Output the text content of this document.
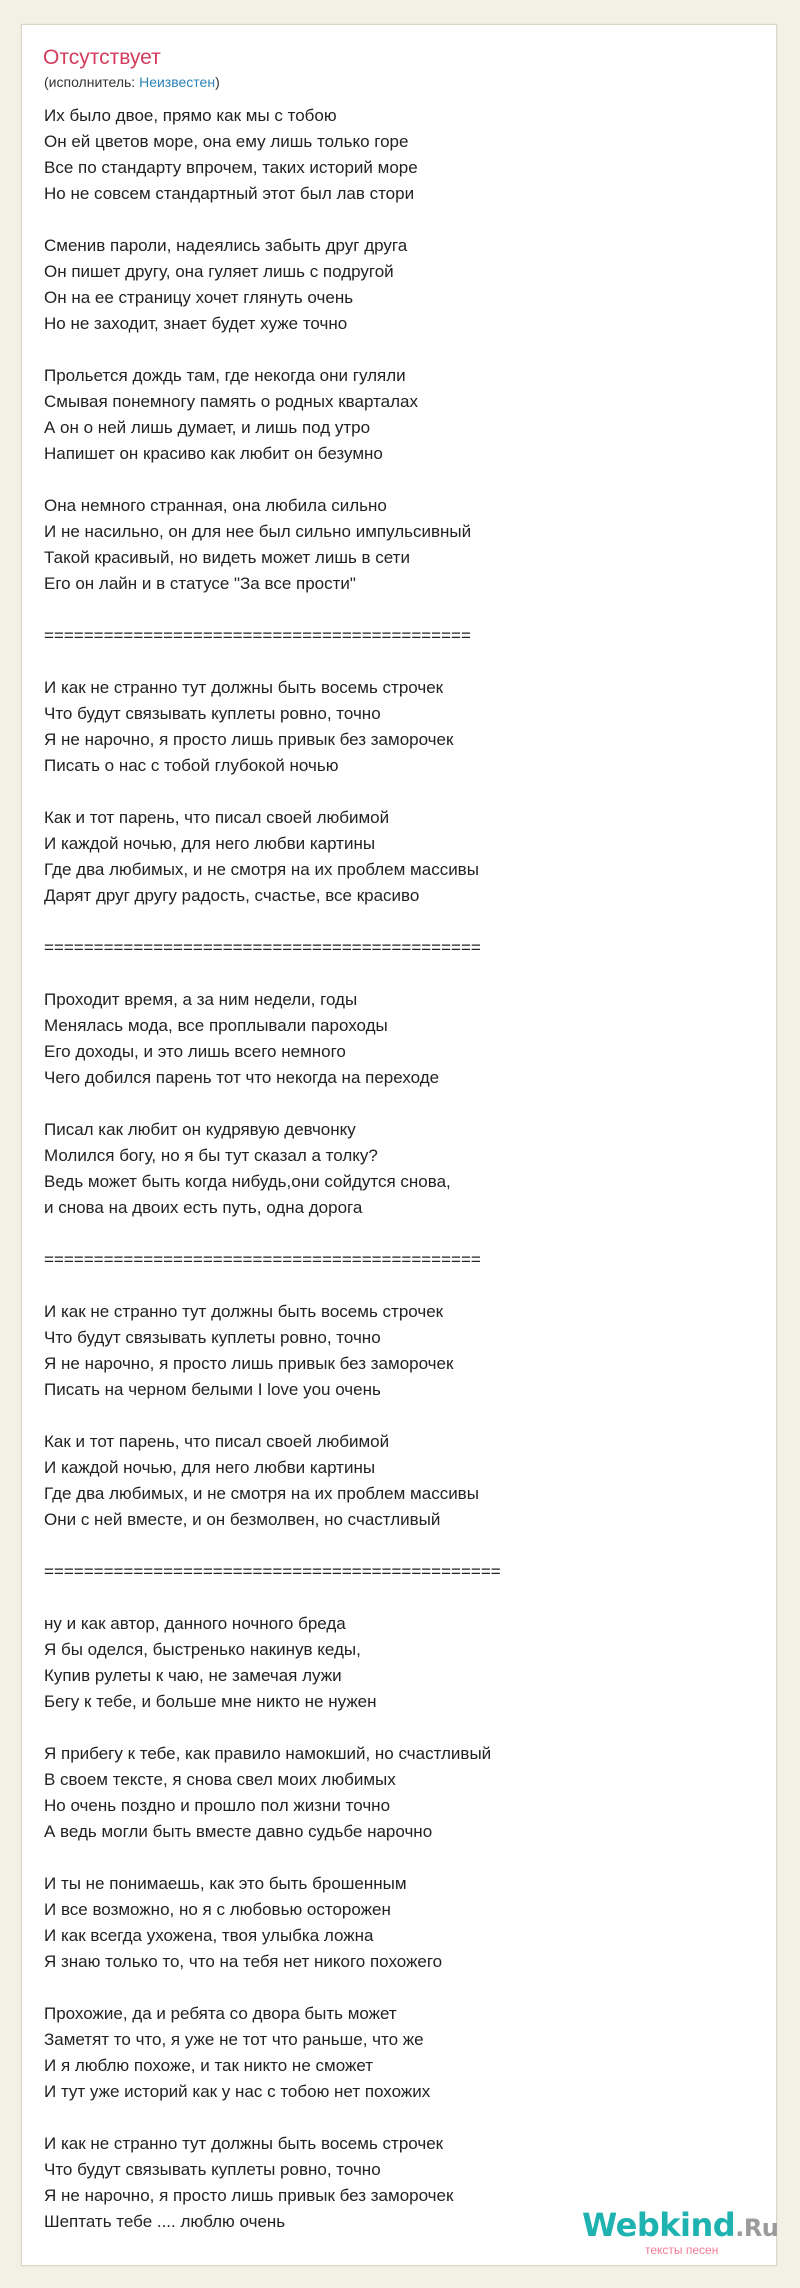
Отсутствует
(исполнитель: Неизвестен)
Их было двое, прямо как мы с тобою
Он ей цветов море, она ему лишь только горе
Все по стандарту впрочем, таких историй море
Но не совсем стандартный этот был лав стори
Сменив пароли, надеялись забыть друг друга
Он пишет другу, она гуляет лишь с подругой
Он на ее страницу хочет глянуть очень
Но не заходит, знает будет хуже точно
Прольется дождь там, где некогда они гуляли
Смывая понемногу память о родных кварталах
А он о ней лишь думает, и лишь под утро
Напишет он красиво как любит он безумно
Она немного странная, она любила сильно
И не насильно, он для нее был сильно импульсивный
Такой красивый, но видеть может лишь в сети
Его он лайн и в статусе "За все прости"
===========================================
И как не странно тут должны быть восемь строчек
Что будут связывать куплеты ровно, точно
Я не нарочно, я просто лишь привык без заморочек
Писать о нас с тобой глубокой ночью
Как и тот парень, что писал своей любимой
И каждой ночью, для него любви картины
Где два любимых, и не смотря на их проблем массивы
Дарят друг другу радость, счастье, все красиво
============================================
Проходит время, а за ним недели, годы
Менялась мода, все проплывали пароходы
Его доходы, и это лишь всего немного
Чего добился парень тот что некогда на переходе
Писал как любит он кудрявую девчонку
Молился богу, но я бы тут сказал а толку?
Ведь может быть когда нибудь,они сойдутся снова,
и снова на двоих есть путь, одна дорога
============================================
И как не странно тут должны быть восемь строчек
Что будут связывать куплеты ровно, точно
Я не нарочно, я просто лишь привык без заморочек
Писать на черном белыми I love you очень
Как и тот парень, что писал своей любимой
И каждой ночью, для него любви картины
Где два любимых, и не смотря на их проблем массивы
Они с ней вместе, и он безмолвен, но счастливый
==============================================
ну и как автор, данного ночного бреда
Я бы оделся, быстренько накинув кеды,
Купив рулеты к чаю, не замечая лужи
Бегу к тебе, и больше мне никто не нужен
Я прибегу к тебе, как правило намокший, но счастливый
В своем тексте, я снова свел моих любимых
Но очень поздно и прошло пол жизни точно
А ведь могли быть вместе давно судьбе нарочно
И ты не понимаешь, как это быть брошенным
И все возможно, но я с любовью осторожен
И как всегда ухожена, твоя улыбка ложна
Я знаю только то, что на тебя нет никого похожего
Прохожие, да и ребята со двора быть может
Заметят то что, я уже не тот что раньше, что же
И я люблю похоже, и так никто не сможет
И тут уже историй как у нас с тобою нет похожих
И как не странно тут должны быть восемь строчек
Что будут связывать куплеты ровно, точно
Я не нарочно, я просто лишь привык без заморочек
Шептать тебе .... люблю очень	Webkind.Ru
тексты песен
